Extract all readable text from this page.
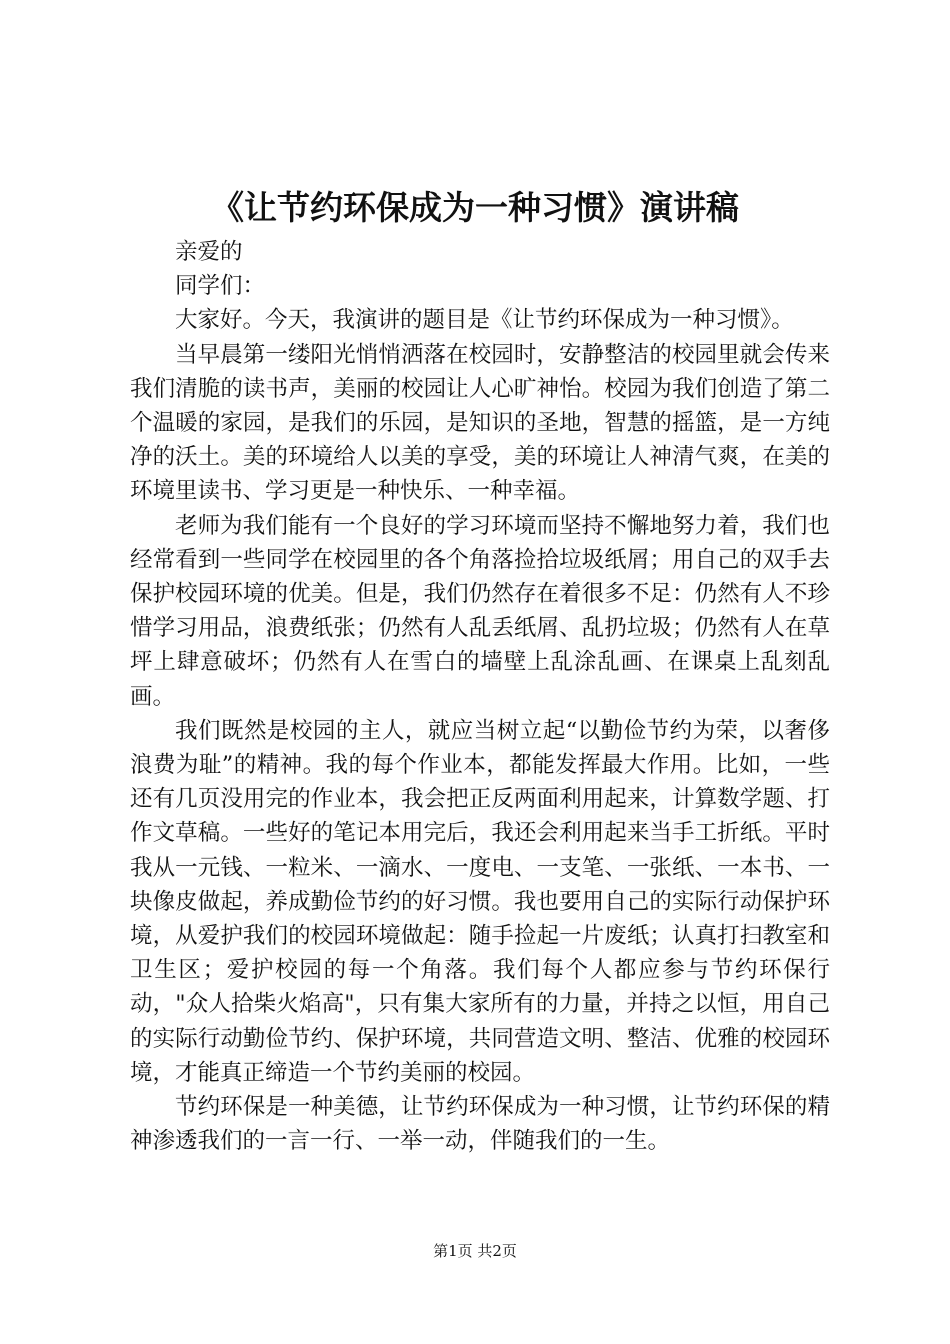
《让节约环保成为一种习惯》演讲稿

亲爱的

同学们：

大家好。今天，我演讲的题目是《让节约环保成为一种习惯》。

当早晨第一缕阳光悄悄洒落在校园时，安静整洁的校园里就会传来我们清脆的读书声，美丽的校园让人心旷神怡。校园为我们创造了第二个温暖的家园，是我们的乐园，是知识的圣地，智慧的摇篮，是一方纯净的沃土。美的环境给人以美的享受，美的环境让人神清气爽，在美的环境里读书、学习更是一种快乐、一种幸福。

老师为我们能有一个良好的学习环境而坚持不懈地努力着，我们也经常看到一些同学在校园里的各个角落捡拾垃圾纸屑；用自己的双手去保护校园环境的优美。但是，我们仍然存在着很多不足：仍然有人不珍惜学习用品，浪费纸张；仍然有人乱丢纸屑、乱扔垃圾；仍然有人在草坪上肆意破坏；仍然有人在雪白的墙壁上乱涂乱画、在课桌上乱刻乱画。

我们既然是校园的主人，就应当树立起“以勤俭节约为荣，以奢侈浪费为耻”的精神。我的每个作业本，都能发挥最大作用。比如，一些还有几页没用完的作业本，我会把正反两面利用起来，计算数学题、打作文草稿。一些好的笔记本用完后，我还会利用起来当手工折纸。平时我从一元钱、一粒米、一滴水、一度电、一支笔、一张纸、一本书、一块像皮做起，养成勤俭节约的好习惯。我也要用自己的实际行动保护环境，从爱护我们的校园环境做起：随手捡起一片废纸；认真打扫教室和卫生区；爱护校园的每一个角落。我们每个人都应参与节约环保行动，"众人拾柴火焰高"，只有集大家所有的力量，并持之以恒，用自己的实际行动勤俭节约、保护环境，共同营造文明、整洁、优雅的校园环境，才能真正缔造一个节约美丽的校园。

节约环保是一种美德，让节约环保成为一种习惯，让节约环保的精神渗透我们的一言一行、一举一动，伴随我们的一生。

第1页 共2页
